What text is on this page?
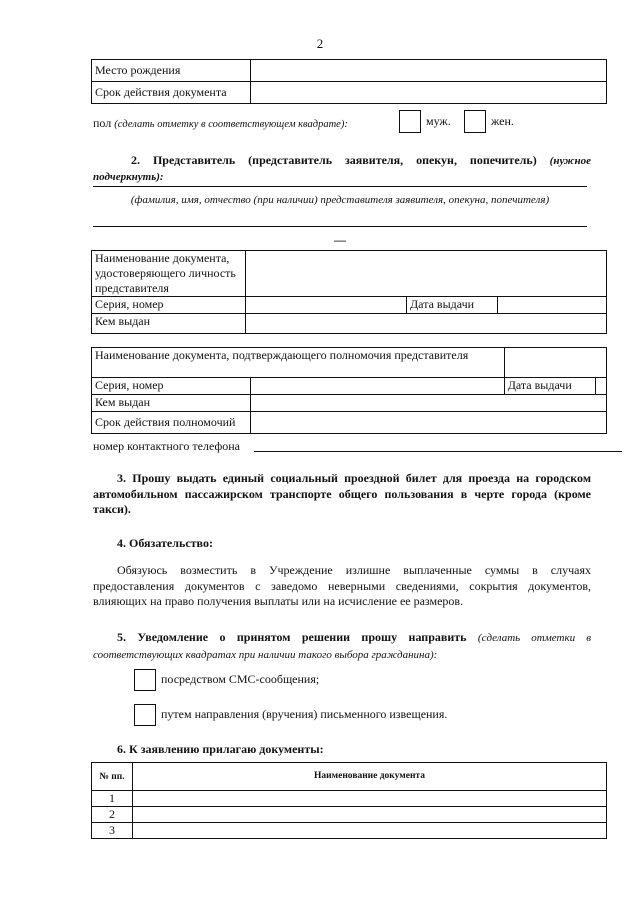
2
Место рождения	
Срок действия документа	
пол (сделать отметку в соответствующем квадрате):	муж.	жен.
2. Представитель (представитель заявителя, опекун, попечитель) (нужное подчеркнуть):
(фамилия, имя, отчество (при наличии) представителя заявителя, опекуна, попечителя)
—
Наименование документа, удостоверяющего личность представителя			
Серия, номер		Дата выдачи	
Кем выдан			
Наименование документа, подтверждающего полномочия представителя			
Серия, номер		Дата выдачи	
Кем выдан			
Срок действия полномочий			
номер контактного телефона
3. Прошу выдать единый социальный проездной билет для проезда на городском автомобильном пассажирском транспорте общего пользования в черте города (кроме такси).
4. Обязательство:
Обязуюсь возместить в Учреждение излишне выплаченные суммы в случаях предоставления документов с заведомо неверными сведениями, сокрытия документов, влияющих на право получения выплаты или на исчисление ее размеров.
5. Уведомление о принятом решении прошу направить (сделать отметки в соответствующих квадратах при наличии такого выбора гражданина):
посредством СМС-сообщения;
путем направления (вручения) письменного извещения.
6. К заявлению прилагаю документы:
№ пп.	Наименование документа
1	
2	
3	
